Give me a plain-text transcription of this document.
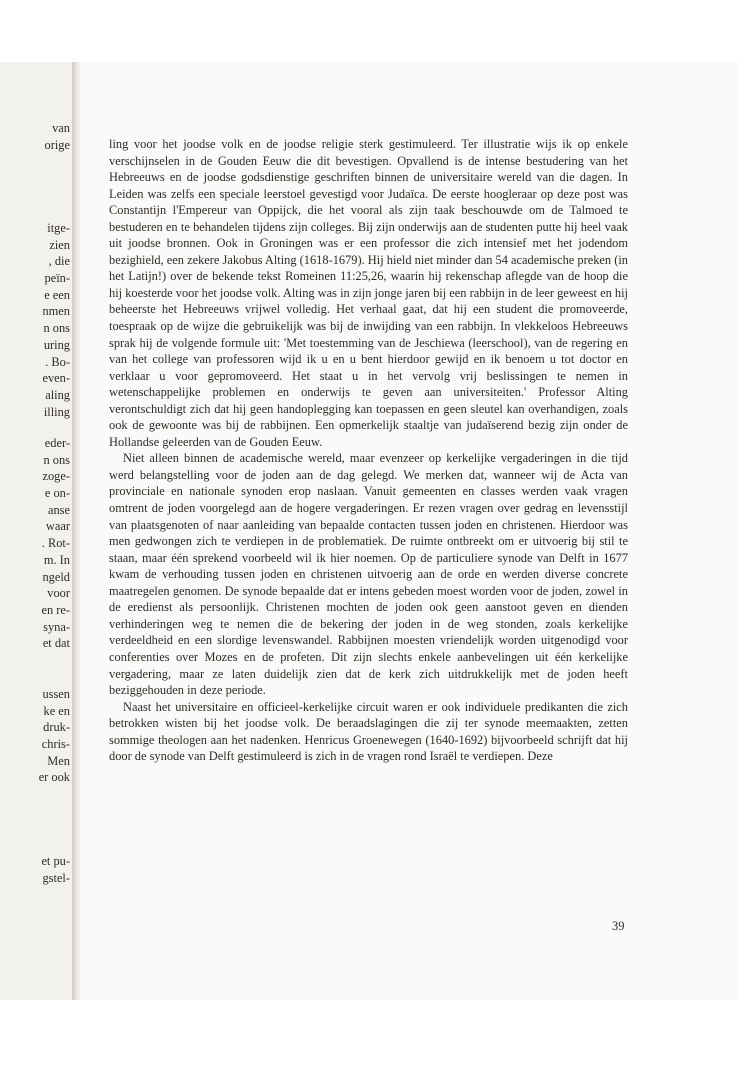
van
orige
itge-
zien
, die
peïn-
e een
nmen
n ons
uring
. Bo-
even-
aling
illing
eder-
n ons
zoge-
e on-
anse
waar
. Rot-
m. In
ngeld
voor
en re-
syna-
et dat
ussen
ke en
druk-
chris-
Men
er ook
et pu-
gstel-

ling voor het joodse volk en de joodse religie sterk gestimuleerd. Ter illustratie wijs ik op enkele verschijnselen in de Gouden Eeuw die dit bevestigen. Opvallend is de intense bestudering van het Hebreeuws en de joodse godsdienstige geschriften binnen de universitaire wereld van die dagen. In Leiden was zelfs een speciale leerstoel gevestigd voor Judaïca. De eerste hoogleraar op deze post was Constantijn l'Empereur van Oppijck, die het vooral als zijn taak beschouwde om de Talmoed te bestuderen en te behandelen tijdens zijn colleges. Bij zijn onderwijs aan de studenten putte hij heel vaak uit joodse bronnen. Ook in Groningen was er een professor die zich intensief met het jodendom bezighield, een zekere Jakobus Alting (1618-1679). Hij hield niet minder dan 54 academische preken (in het Latijn!) over de bekende tekst Romeinen 11:25,26, waarin hij rekenschap aflegde van de hoop die hij koesterde voor het joodse volk. Alting was in zijn jonge jaren bij een rabbijn in de leer geweest en hij beheerste het Hebreeuws vrijwel volledig. Het verhaal gaat, dat hij een student die promoveerde, toespraak op de wijze die gebruikelijk was bij de inwijding van een rabbijn. In vlekkeloos Hebreeuws sprak hij de volgende formule uit: 'Met toestemming van de Jeschiewa (leerschool), van de regering en van het college van professoren wijd ik u en u bent hierdoor gewijd en ik benoem u tot doctor en verklaar u voor gepromoveerd. Het staat u in het vervolg vrij beslissingen te nemen in wetenschappelijke problemen en onderwijs te geven aan universiteiten.' Professor Alting verontschuldigt zich dat hij geen handoplegging kan toepassen en geen sleutel kan overhandigen, zoals ook de gewoonte was bij de rabbijnen. Een opmerkelijk staaltje van judaïserend bezig zijn onder de Hollandse geleerden van de Gouden Eeuw.

Niet alleen binnen de academische wereld, maar evenzeer op kerkelijke vergaderingen in die tijd werd belangstelling voor de joden aan de dag gelegd. We merken dat, wanneer wij de Acta van provinciale en nationale synoden erop naslaan. Vanuit gemeenten en classes werden vaak vragen omtrent de joden voorgelegd aan de hogere vergaderingen. Er rezen vragen over gedrag en levensstijl van plaatsgenoten of naar aanleiding van bepaalde contacten tussen joden en christenen. Hierdoor was men gedwongen zich te verdiepen in de problematiek. De ruimte ontbreekt om er uitvoerig bij stil te staan, maar één sprekend voorbeeld wil ik hier noemen. Op de particuliere synode van Delft in 1677 kwam de verhouding tussen joden en christenen uitvoerig aan de orde en werden diverse concrete maatregelen genomen. De synode bepaalde dat er intens gebeden moest worden voor de joden, zowel in de eredienst als persoonlijk. Christenen mochten de joden ook geen aanstoot geven en dienden verhinderingen weg te nemen die de bekering der joden in de weg stonden, zoals kerkelijke verdeeldheid en een slordige levenswandel. Rabbijnen moesten vriendelijk worden uitgenodigd voor conferenties over Mozes en de profeten. Dit zijn slechts enkele aanbevelingen uit één kerkelijke vergadering, maar ze laten duidelijk zien dat de kerk zich uitdrukkelijk met de joden heeft beziggehouden in deze periode.

Naast het universitaire en officieel-kerkelijke circuit waren er ook individuele predikanten die zich betrokken wisten bij het joodse volk. De beraadslagingen die zij ter synode meemaakten, zetten sommige theologen aan het nadenken. Henricus Groenewegen (1640-1692) bijvoorbeeld schrijft dat hij door de synode van Delft gestimuleerd is zich in de vragen rond Israël te verdiepen. Deze

39
